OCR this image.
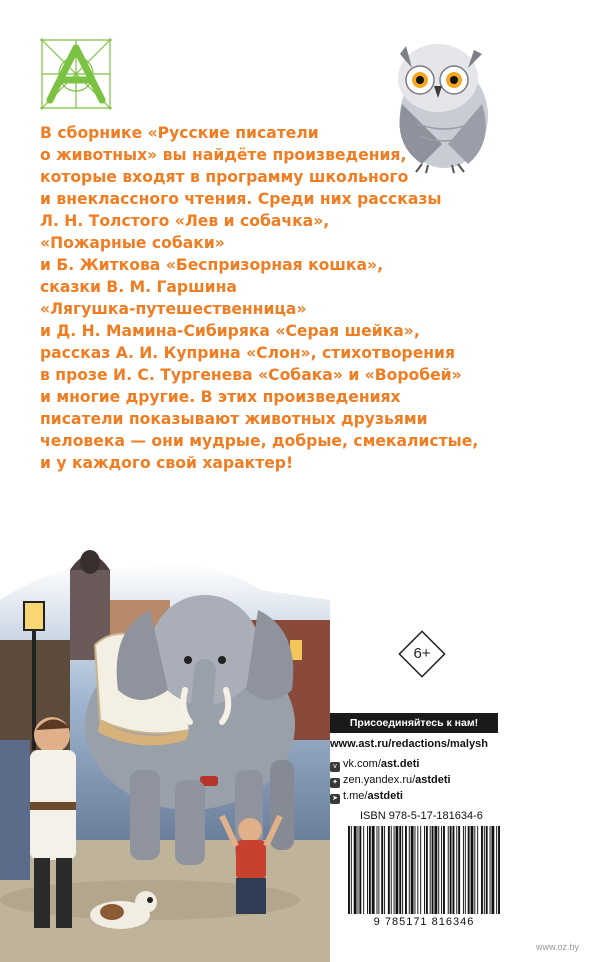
В сборнике «Русские писатели
о животных» вы найдёте произведения,
которые входят в программу школьного
и внеклассного чтения. Среди них рассказы
Л. Н. Толстого «Лев и собачка»,
«Пожарные собаки»
и Б. Житкова «Беспризорная кошка»,
сказки В. М. Гаршина
«Лягушка-путешественница»
и Д. Н. Мамина-Сибиряка «Серая шейка»,
рассказ А. И. Куприна «Слон», стихотворения
в прозе И. С. Тургенева «Собака» и «Воробей»
и многие другие. В этих произведениях
писатели показывают животных друзьями
человека — они мудрые, добрые, смекалистые,
и у каждого свой характер!

6+
Присоединяйтесь к нам!
www.ast.ru/redactions/malysh
v vk.com/ast.deti
✦ zen.yandex.ru/astdeti
➤ t.me/astdeti
ISBN 978-5-17-181634-6
9 785171 816346
www.oz.by
